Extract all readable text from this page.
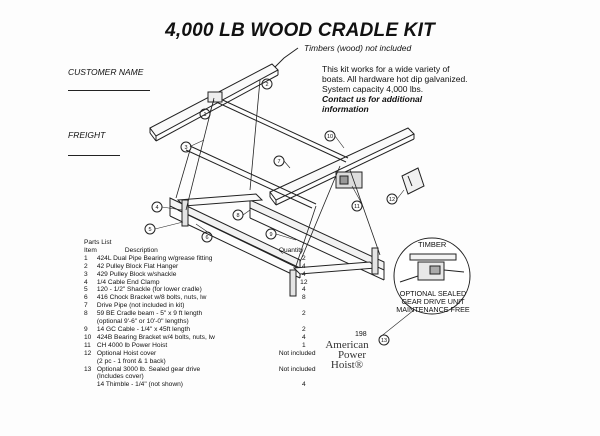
4,000 LB WOOD CRADLE KIT
Timbers (wood) not included
CUSTOMER NAME
FREIGHT
This kit works for a wide variety of
boats. All hardware hot dip galvanized.
System capacity 4,000 lbs.
Contact us for additional
information
1
2
3
4
5
6
7
8
9
10
11
12
13
TIMBER
OPTIONAL SEALED
GEAR DRIVE UNIT
MAINTENANCE FREE
Parts List
Item	Description	Quantity
1	424L Dual Pipe Bearing w/grease fitting	2
2	42 Pulley Block Flat Hanger	4
3	429 Pulley Block w/shackle	4
4	1/4 Cable End Clamp	12
5	120 - 1/2" Shackle (for lower cradle)	4
6	416 Chock Bracket w/8 bolts, nuts, lw	8
7	Drive Pipe (not included in kit)	
8	59 BE Cradle beam - 5" x 9 ft length	2
	(optional 9'-6" or 10'-0" lengths)	
9	14 GC Cable - 1/4" x 45ft length	2
10	424B Bearing Bracket w/4 bolts, nuts, lw	4
11	CH 4000 lb Power Hoist	1
12	Optional Hoist cover	Not included
	(2 pc - 1 front & 1 back)	
13	Optional 3000 lb. Sealed gear drive	Not included
	(Includes cover)	
	14 Thimble - 1/4" (not shown)	4
198
American
Power
Hoist®
